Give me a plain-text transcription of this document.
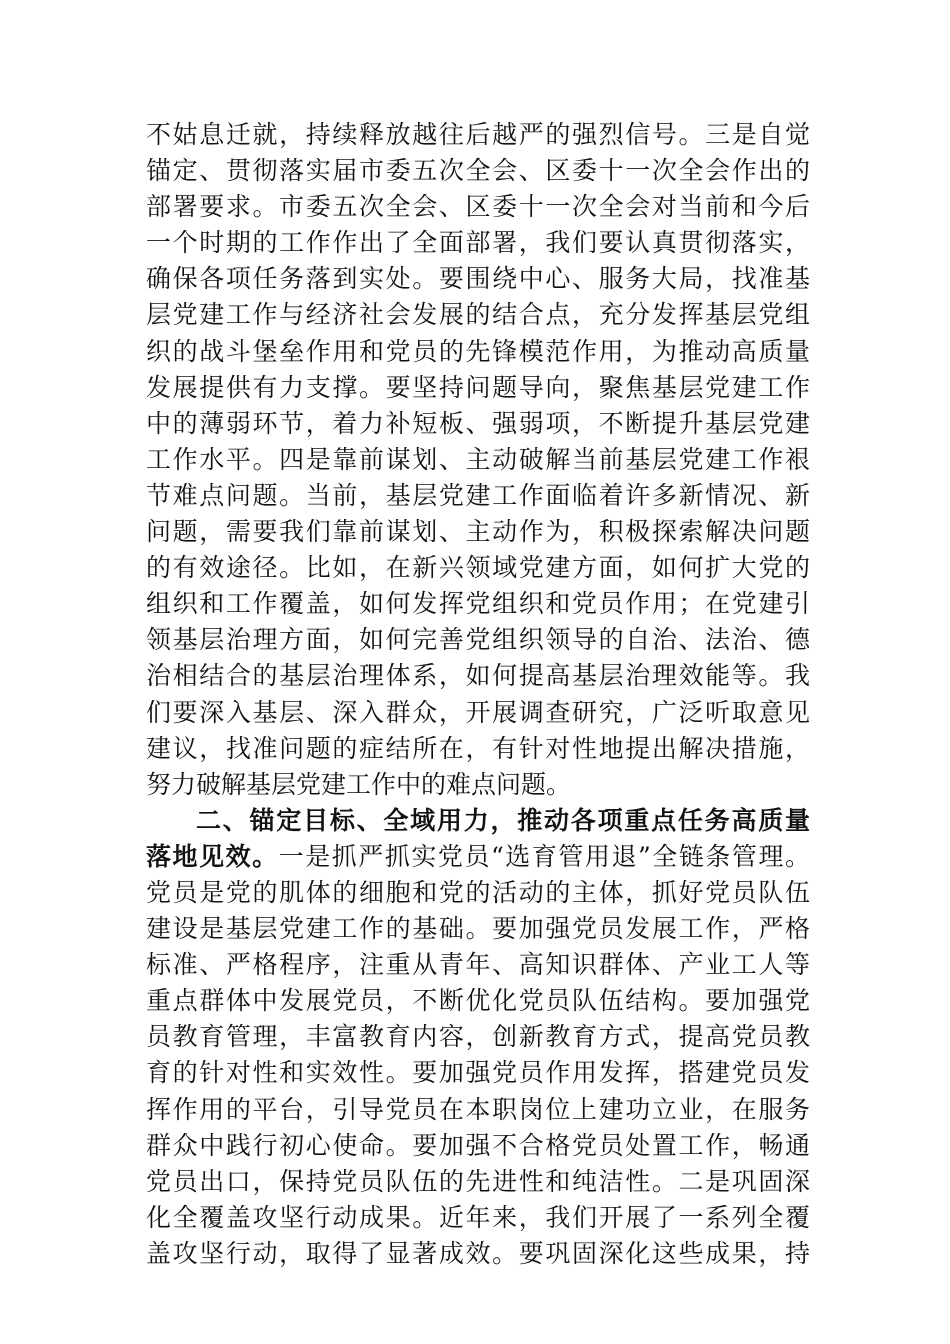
不姑息迁就，持续释放越往后越严的强烈信号。三是自觉
锚定、贯彻落实届市委五次全会、区委十一次全会作出的
部署要求。市委五次全会、区委十一次全会对当前和今后
一个时期的工作作出了全面部署，我们要认真贯彻落实，
确保各项任务落到实处。要围绕中心、服务大局，找准基
层党建工作与经济社会发展的结合点，充分发挥基层党组
织的战斗堡垒作用和党员的先锋模范作用，为推动高质量
发展提供有力支撑。要坚持问题导向，聚焦基层党建工作
中的薄弱环节，着力补短板、强弱项，不断提升基层党建
工作水平。四是靠前谋划、主动破解当前基层党建工作裉
节难点问题。当前，基层党建工作面临着许多新情况、新
问题，需要我们靠前谋划、主动作为，积极探索解决问题
的有效途径。比如，在新兴领域党建方面，如何扩大党的
组织和工作覆盖，如何发挥党组织和党员作用；在党建引
领基层治理方面，如何完善党组织领导的自治、法治、德
治相结合的基层治理体系，如何提高基层治理效能等。我
们要深入基层、深入群众，开展调查研究，广泛听取意见
建议，找准问题的症结所在，有针对性地提出解决措施，
努力破解基层党建工作中的难点问题。
二、锚定目标、全域用力，推动各项重点任务高质量
落地见效。一是抓严抓实党员“选育管用退”全链条管理。
党员是党的肌体的细胞和党的活动的主体，抓好党员队伍
建设是基层党建工作的基础。要加强党员发展工作，严格
标准、严格程序，注重从青年、高知识群体、产业工人等
重点群体中发展党员，不断优化党员队伍结构。要加强党
员教育管理，丰富教育内容，创新教育方式，提高党员教
育的针对性和实效性。要加强党员作用发挥，搭建党员发
挥作用的平台，引导党员在本职岗位上建功立业，在服务
群众中践行初心使命。要加强不合格党员处置工作，畅通
党员出口，保持党员队伍的先进性和纯洁性。二是巩固深
化全覆盖攻坚行动成果。近年来，我们开展了一系列全覆
盖攻坚行动，取得了显著成效。要巩固深化这些成果，持
